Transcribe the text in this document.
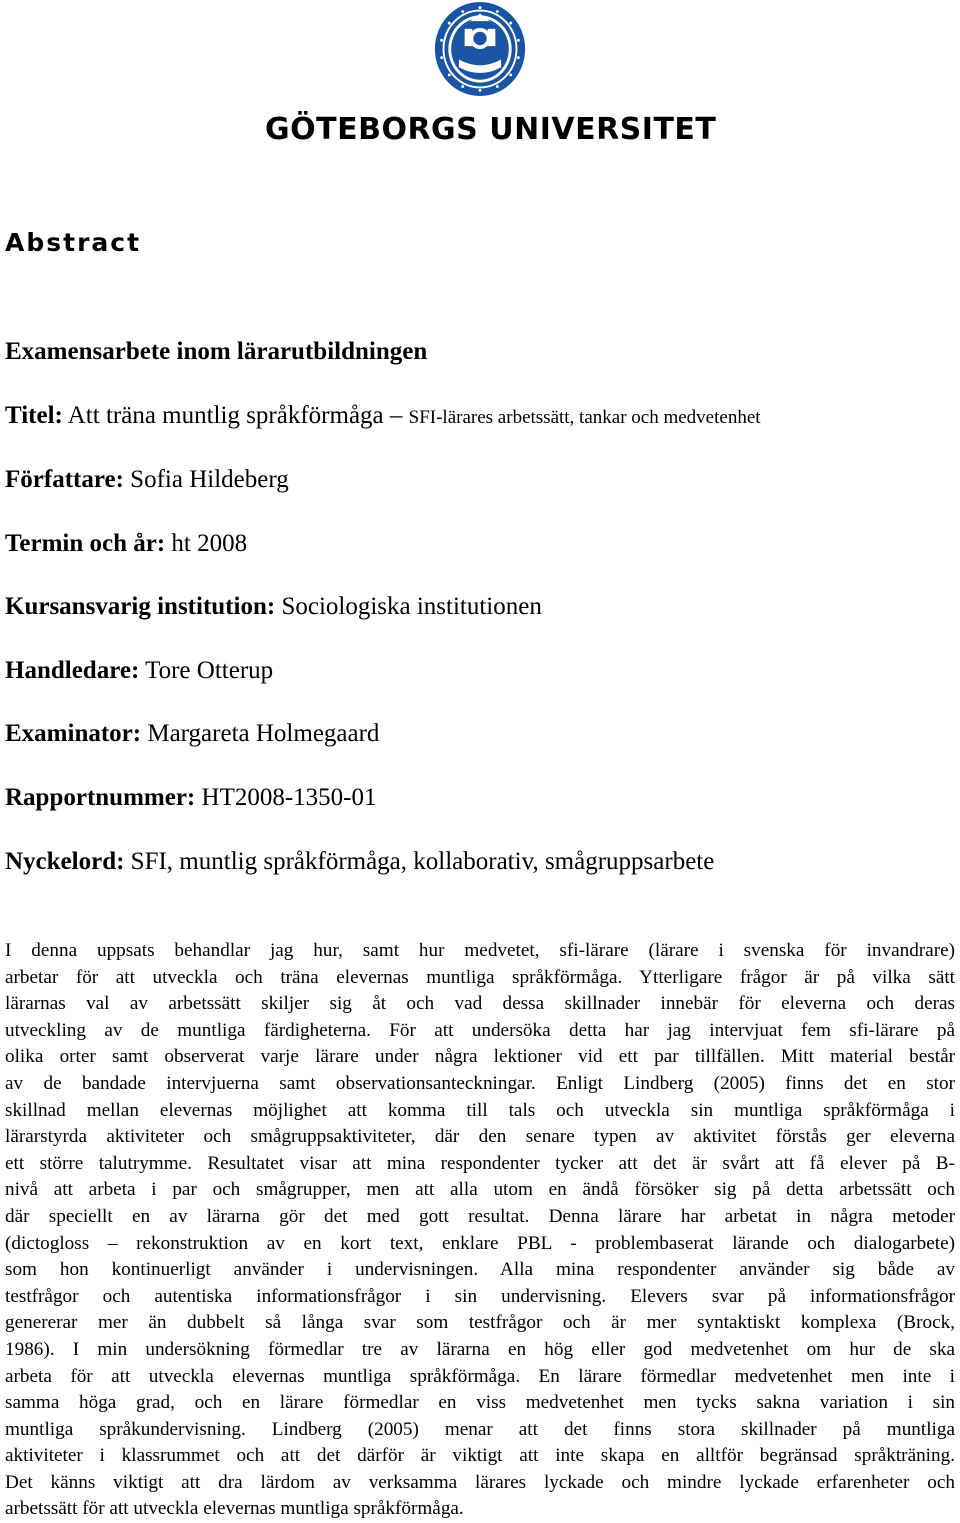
GÖTEBORGS UNIVERSITET
Abstract
Examensarbete inom lärarutbildningen
Titel: Att träna muntlig språkförmåga – SFI-lärares arbetssätt, tankar och medvetenhet
Författare: Sofia Hildeberg
Termin och år: ht 2008
Kursansvarig institution: Sociologiska institutionen
Handledare: Tore Otterup
Examinator: Margareta Holmegaard
Rapportnummer: HT2008-1350-01
Nyckelord: SFI, muntlig språkförmåga, kollaborativ, smågruppsarbete
I denna uppsats behandlar jag hur, samt hur medvetet, sfi-lärare (lärare i svenska för invandrare)
arbetar för att utveckla och träna elevernas muntliga språkförmåga. Ytterligare frågor är på vilka sätt
lärarnas val av arbetssätt skiljer sig åt och vad dessa skillnader innebär för eleverna och deras
utveckling av de muntliga färdigheterna. För att undersöka detta har jag intervjuat fem sfi-lärare på
olika orter samt observerat varje lärare under några lektioner vid ett par tillfällen. Mitt material består
av de bandade intervjuerna samt observationsanteckningar. Enligt Lindberg (2005) finns det en stor
skillnad mellan elevernas möjlighet att komma till tals och utveckla sin muntliga språkförmåga i
lärarstyrda aktiviteter och smågruppsaktiviteter, där den senare typen av aktivitet förstås ger eleverna
ett större talutrymme. Resultatet visar att mina respondenter tycker att det är svårt att få elever på B-
nivå att arbeta i par och smågrupper, men att alla utom en ändå försöker sig på detta arbetssätt och
där speciellt en av lärarna gör det med gott resultat. Denna lärare har arbetat in några metoder
(dictogloss – rekonstruktion av en kort text, enklare PBL - problembaserat lärande och dialogarbete)
som hon kontinuerligt använder i undervisningen. Alla mina respondenter använder sig både av
testfrågor och autentiska informationsfrågor i sin undervisning. Elevers svar på informationsfrågor
genererar mer än dubbelt så långa svar som testfrågor och är mer syntaktiskt komplexa (Brock,
1986). I min undersökning förmedlar tre av lärarna en hög eller god medvetenhet om hur de ska
arbeta för att utveckla elevernas muntliga språkförmåga. En lärare förmedlar medvetenhet men inte i
samma höga grad, och en lärare förmedlar en viss medvetenhet men tycks sakna variation i sin
muntliga språkundervisning. Lindberg (2005) menar att det finns stora skillnader på muntliga
aktiviteter i klassrummet och att det därför är viktigt att inte skapa en alltför begränsad språkträning.
Det känns viktigt att dra lärdom av verksamma lärares lyckade och mindre lyckade erfarenheter och
arbetssätt för att utveckla elevernas muntliga språkförmåga.
